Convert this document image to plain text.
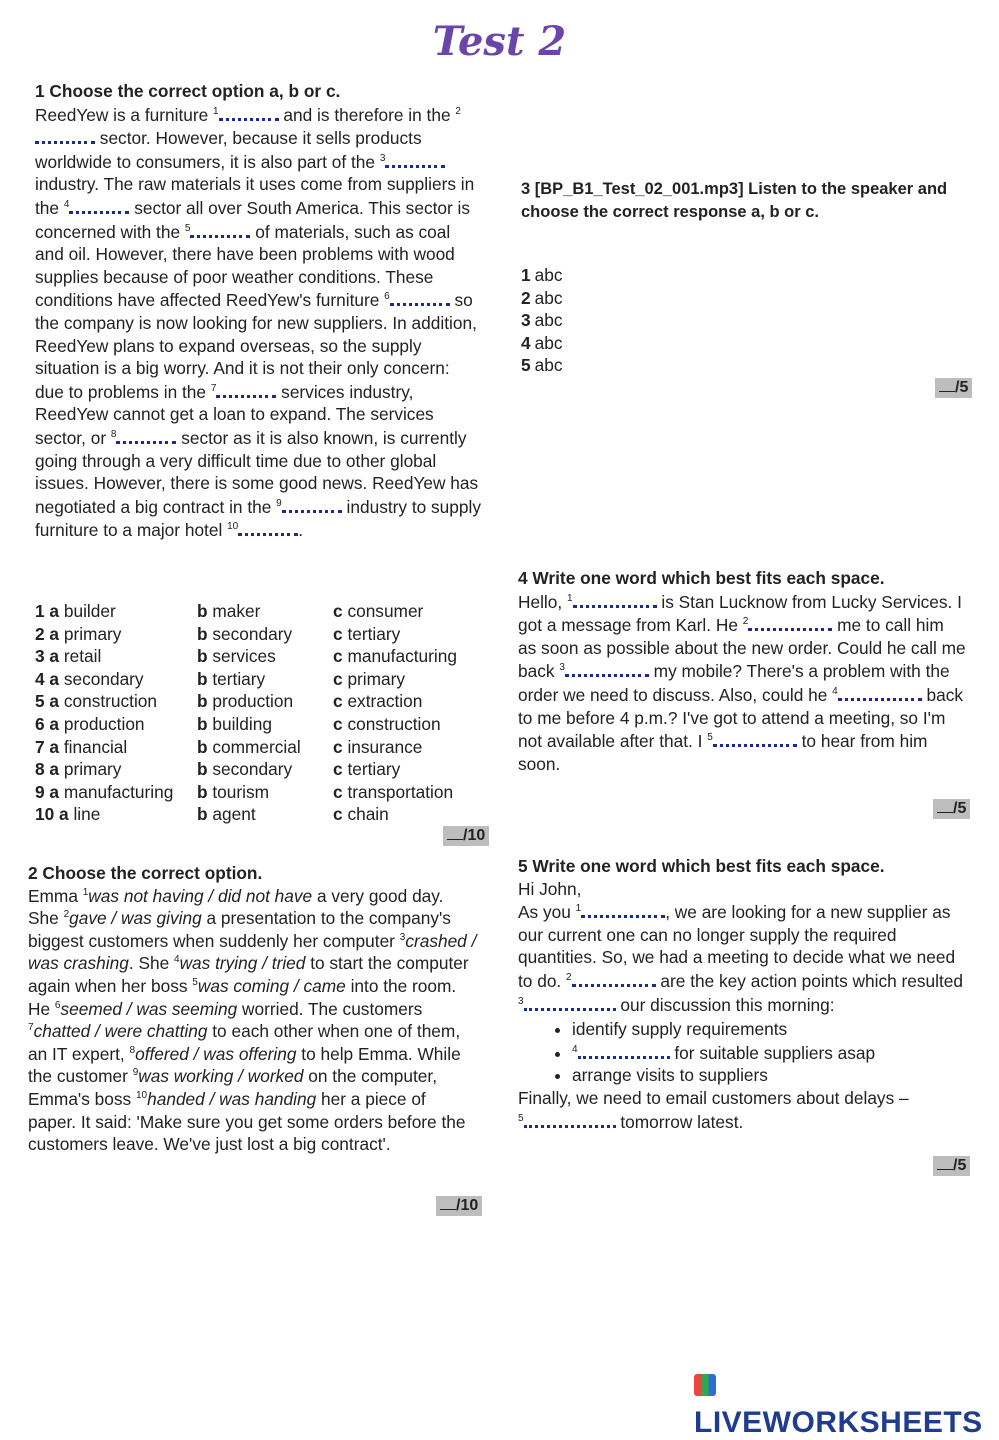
Test 2
1 Choose the correct option a, b or c.
ReedYew is a furniture $^1$	and is therefore in the $^2$ sector. However, because it sells products worldwide to consumers, it is also part of the $^3$ industry. The raw materials it uses come from suppliers in the $^4$	sector all over South America. This sector is concerned with the $^5$	of materials, such as coal and oil. However, there have been problems with wood supplies because of poor weather conditions. These conditions have affected ReedYew's furniture $^6$	so the company is now looking for new suppliers. In addition, ReedYew plans to expand overseas, so the supply situation is a big worry. And it is not their only concern: due to problems in the $^7$	services industry, ReedYew cannot get a loan to expand. The services sector, or $^8$	sector as it is also known, is currently going through a very difficult time due to other global issues. However, there is some good news. ReedYew has negotiated a big contract in the $^9$	industry to supply furniture to a major hotel $^{10}$	.
1 a builder	b maker	c consumer
2 a primary	b secondary	c tertiary
3 a retail	b services	c manufacturing
4 a secondary	b tertiary	c primary
5 a construction	b production	c extraction
6 a production	b building	c construction
7 a financial	b commercial	c insurance
8 a primary	b secondary	c tertiary
9 a manufacturing	b tourism	c transportation
10 a line	b agent	c chain
/10
2 Choose the correct option.
Emma $^1$was not having / did not have a very good day. She $^2$gave / was giving a presentation to the company's biggest customers when suddenly her computer $^3$crashed / was crashing. She $^4$was trying / tried to start the computer again when her boss $^5$was coming / came into the room. He $^6$seemed / was seeming worried. The customers $^7$chatted / were chatting to each other when one of them, an IT expert, $^8$offered / was offering to help Emma. While the customer $^9$was working / worked on the computer, Emma's boss $^{10}$handed / was handing her a piece of paper. It said: 'Make sure you get some orders before the customers leave. We've just lost a big contract'.
/10
3 [BP_B1_Test_02_001.mp3] Listen to the speaker and choose the correct response a, b or c.
1	a	b	c
2	a	b	c
3	a	b	c
4	a	b	c
5	a	b	c
/5
4 Write one word which best fits each space.
Hello, $^1$	is Stan Lucknow from Lucky Services. I got a message from Karl. He $^2$	me to call him as soon as possible about the new order. Could he call me back $^3$	my mobile? There's a problem with the order we need to discuss. Also, could he $^4$	back to me before 4 p.m.? I've got to attend a meeting, so I'm not available after that. I $^5$	to hear from him soon.
/5
5 Write one word which best fits each space.
Hi John,
As you $^1$	, we are looking for a new supplier as our current one can no longer supply the required quantities. So, we had a meeting to decide what we need to do. $^2$	are the key action points which resulted $^3$	our discussion this morning:
• identify supply requirements
• $^4$	for suitable suppliers asap
• arrange visits to suppliers
Finally, we need to email customers about delays –
$^5$	tomorrow latest.
/5
LIVEWORKSHEETS
